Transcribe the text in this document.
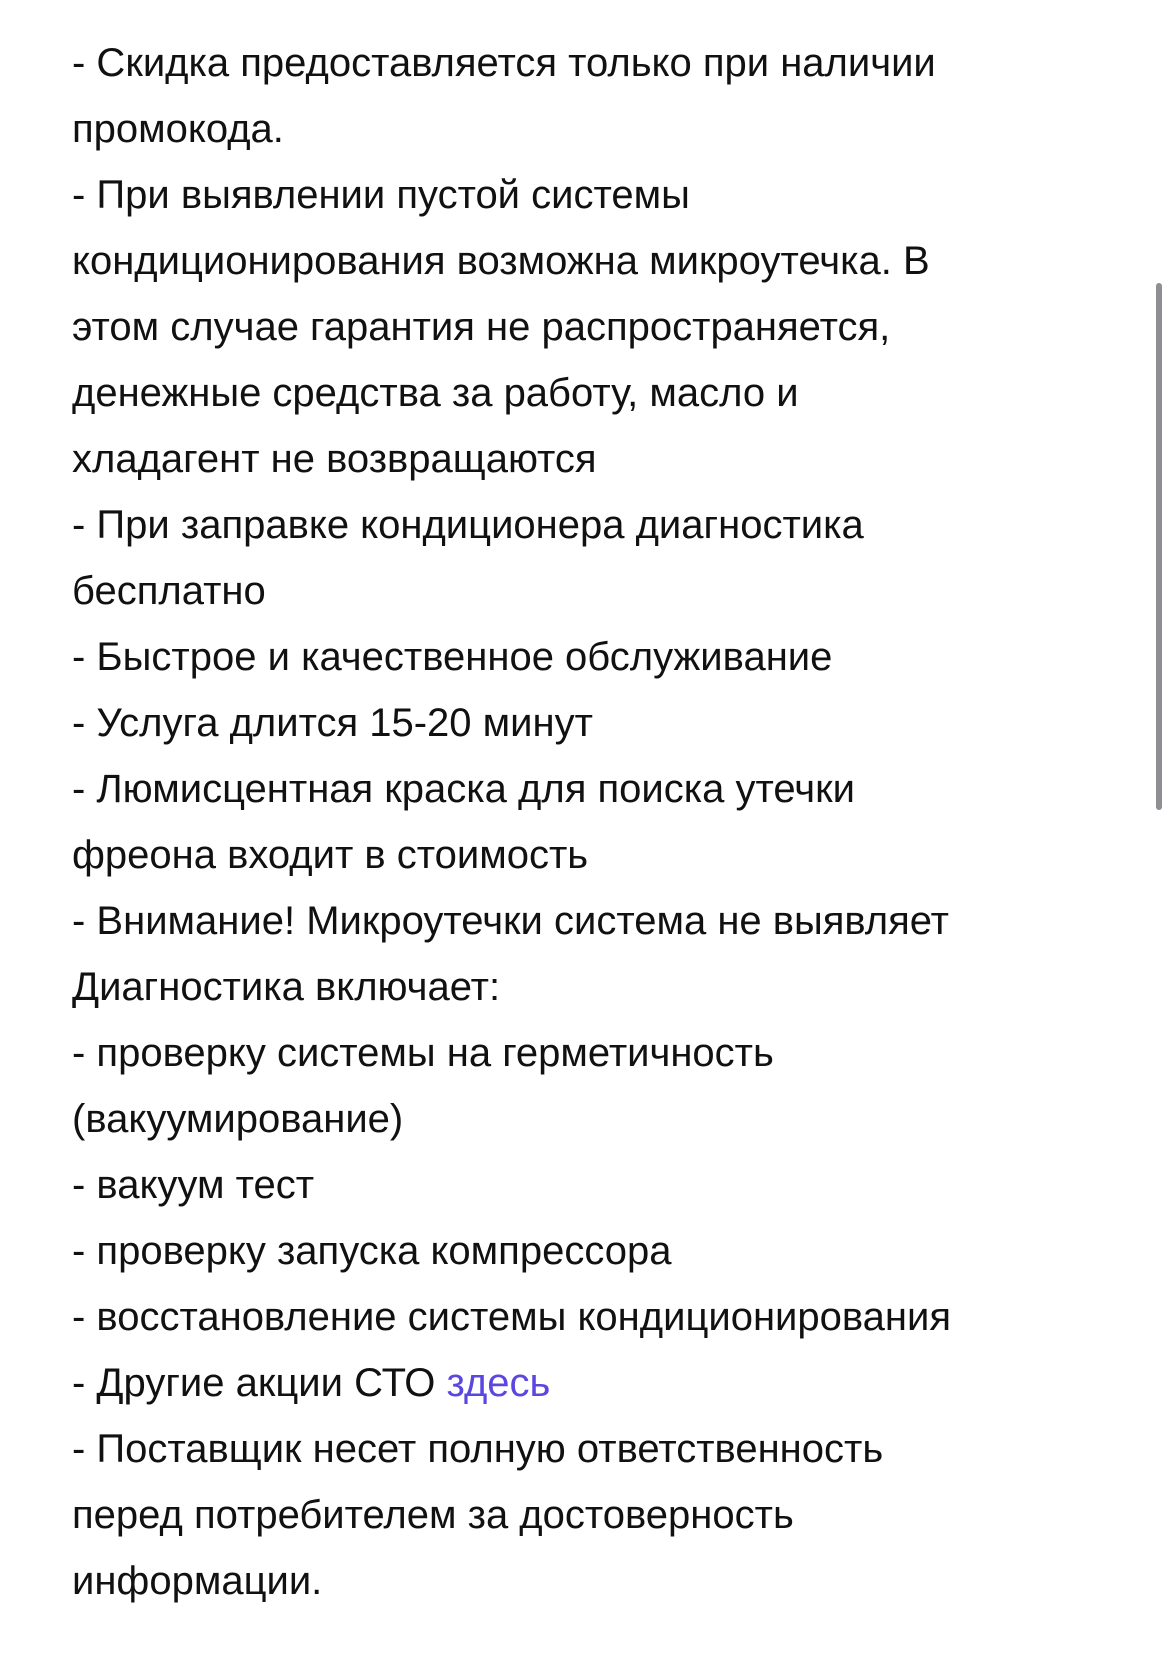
- Скидка предоставляется только при наличии
промокода.
- При выявлении пустой системы
кондиционирования возможна микроутечка. В
этом случае гарантия не распространяется,
денежные средства за работу, масло и
хладагент не возвращаются
- При заправке кондиционера диагностика
бесплатно
- Быстрое и качественное обслуживание
- Услуга длится 15-20 минут
- Люмисцентная краска для поиска утечки
фреона входит в стоимость
- Внимание! Микроутечки система не выявляет
Диагностика включает:
- проверку системы на герметичность
(вакуумирование)
- вакуум тест
- проверку запуска компрессора
- восстановление системы кондиционирования
- Другие акции СТО здесь
- Поставщик несет полную ответственность
перед потребителем за достоверность
информации.
